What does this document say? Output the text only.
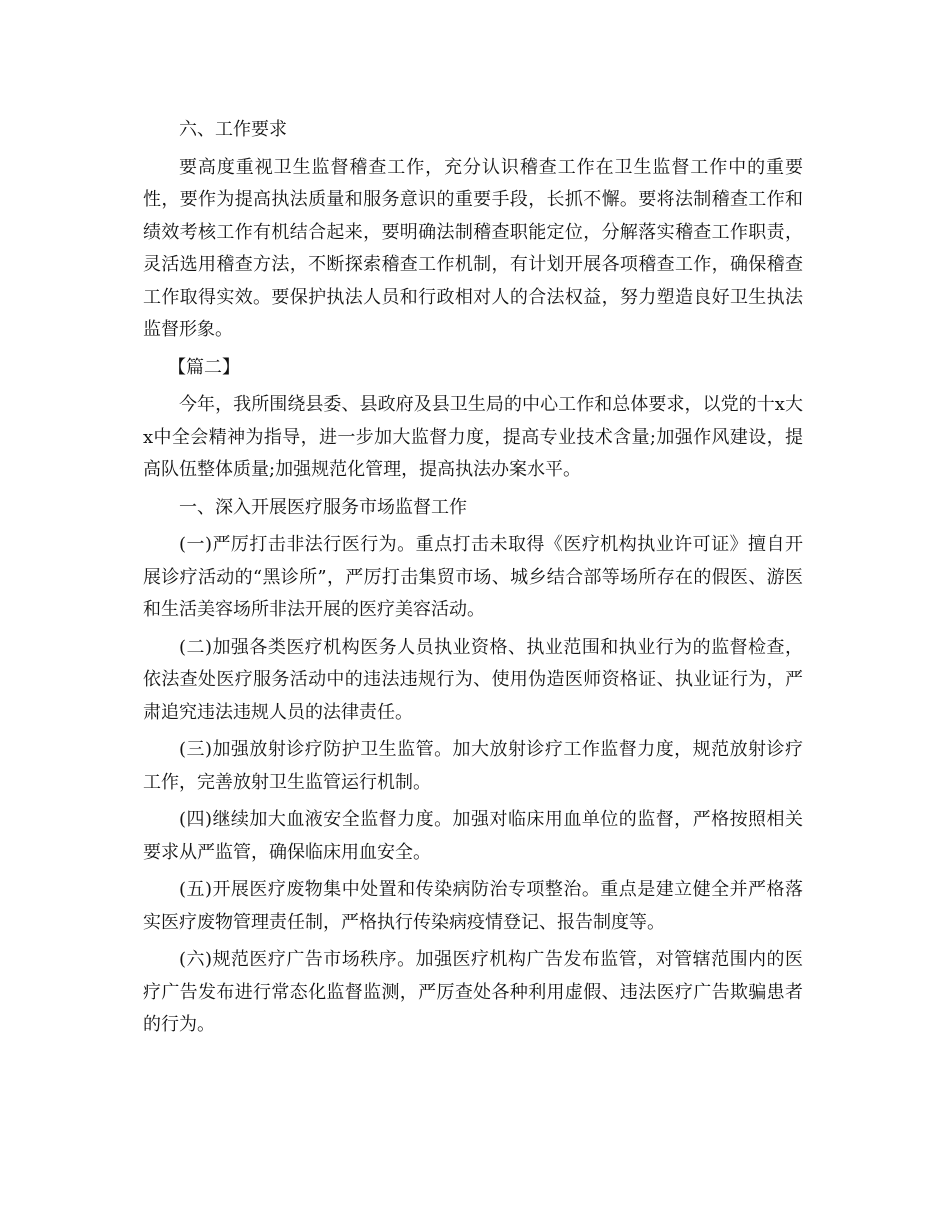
六、工作要求

要高度重视卫生监督稽查工作，充分认识稽查工作在卫生监督工作中的重要性，要作为提高执法质量和服务意识的重要手段，长抓不懈。要将法制稽查工作和绩效考核工作有机结合起来，要明确法制稽查职能定位，分解落实稽查工作职责，灵活选用稽查方法，不断探索稽查工作机制，有计划开展各项稽查工作，确保稽查工作取得实效。要保护执法人员和行政相对人的合法权益，努力塑造良好卫生执法监督形象。

【篇二】

今年，我所围绕县委、县政府及县卫生局的中心工作和总体要求，以党的十x大x中全会精神为指导，进一步加大监督力度，提高专业技术含量;加强作风建设，提高队伍整体质量;加强规范化管理，提高执法办案水平。

一、深入开展医疗服务市场监督工作

(一)严厉打击非法行医行为。重点打击未取得《医疗机构执业许可证》擅自开展诊疗活动的“黑诊所”，严厉打击集贸市场、城乡结合部等场所存在的假医、游医和生活美容场所非法开展的医疗美容活动。

(二)加强各类医疗机构医务人员执业资格、执业范围和执业行为的监督检查，依法查处医疗服务活动中的违法违规行为、使用伪造医师资格证、执业证行为，严肃追究违法违规人员的法律责任。

(三)加强放射诊疗防护卫生监管。加大放射诊疗工作监督力度，规范放射诊疗工作，完善放射卫生监管运行机制。

(四)继续加大血液安全监督力度。加强对临床用血单位的监督，严格按照相关要求从严监管，确保临床用血安全。

(五)开展医疗废物集中处置和传染病防治专项整治。重点是建立健全并严格落实医疗废物管理责任制，严格执行传染病疫情登记、报告制度等。

(六)规范医疗广告市场秩序。加强医疗机构广告发布监管，对管辖范围内的医疗广告发布进行常态化监督监测，严厉查处各种利用虚假、违法医疗广告欺骗患者的行为。
